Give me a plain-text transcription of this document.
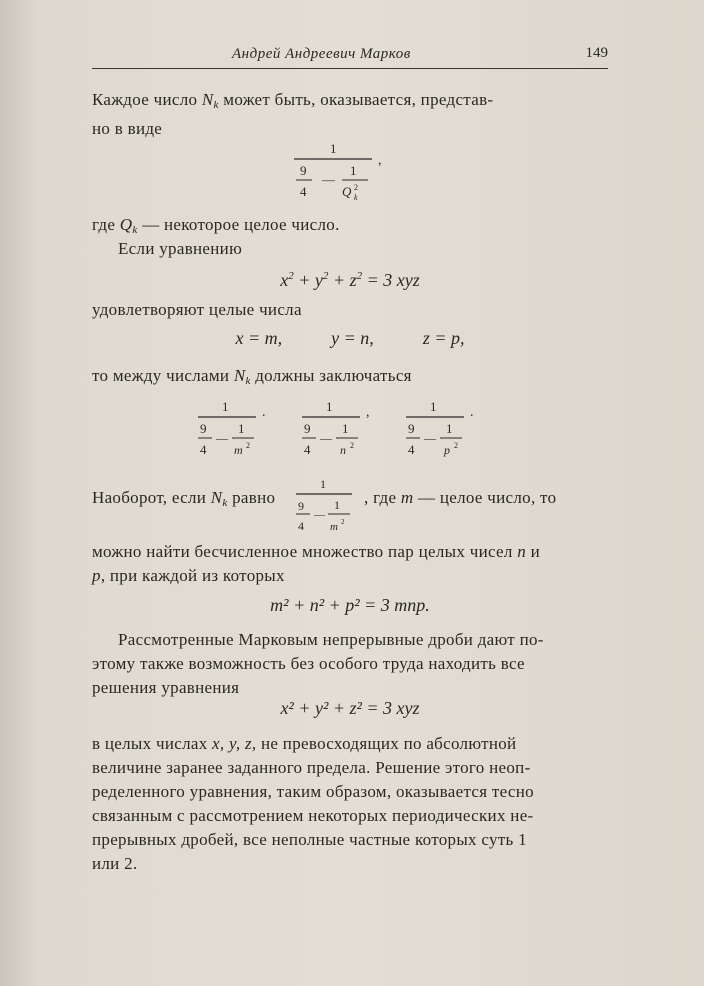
Андрей Андреевич Марков	149
Каждое число $N_k$ может быть, оказывается, представ-
но в виде
1
9
4
—
1
Q 2
k
,
где $Q_k$ — некоторое целое число.
Если уравнению
$x^2 + y^2 + z^2 = 3$ xyz
удовлетворяют целые числа
x = m,	y = n,	z = p,
то между числами $N_k$ должны заключаться
1
9
4
—
1
m 2
.	1
9
4
—
1
n 2
,	1
9
4
—
1
p 2
.
Наоборот, если $N_k$ равно
1
9
4
—
1
m 2
, где m — целое число, то
можно найти бесчисленное множество пар целых чисел n и
p, при каждой из которых
m² + n² + p² = 3 mnp.
Рассмотренные Марковым непрерывные дроби дают по-
этому также возможность без особого труда находить все
решения уравнения
x² + y² + z² = 3 xyz
в целых числах x, y, z, не превосходящих по абсолютной
величине заранее заданного предела. Решение этого неоп-
ределенного уравнения, таким образом, оказывается тесно
связанным с рассмотрением некоторых периодических не-
прерывных дробей, все неполные частные которых суть 1
или 2.
